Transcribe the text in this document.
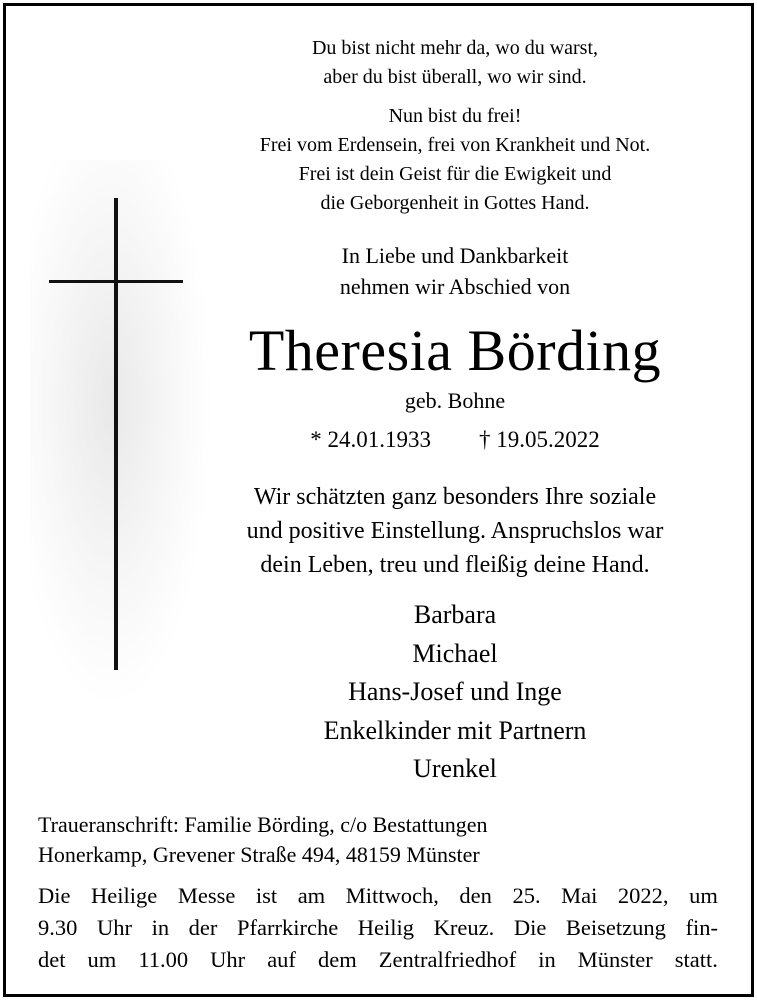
Du bist nicht mehr da, wo du warst,
aber du bist überall, wo wir sind.
Nun bist du frei!
Frei vom Erdensein, frei von Krankheit und Not.
Frei ist dein Geist für die Ewigkeit und
die Geborgenheit in Gottes Hand.
In Liebe und Dankbarkeit
nehmen wir Abschied von
Theresia Börding
geb. Bohne
* 24.01.1933 † 19.05.2022
Wir schätzten ganz besonders Ihre soziale
und positive Einstellung. Anspruchslos war
dein Leben, treu und fleißig deine Hand.
Barbara
Michael
Hans-Josef und Inge
Enkelkinder mit Partnern
Urenkel
Traueranschrift: Familie Börding, c/o Bestattungen
Honerkamp, Grevener Straße 494, 48159 Münster
Die Heilige Messe ist am Mittwoch, den 25. Mai 2022, um
9.30 Uhr in der Pfarrkirche Heilig Kreuz. Die Beisetzung fin-
det um 11.00 Uhr auf dem Zentralfriedhof in Münster statt.
